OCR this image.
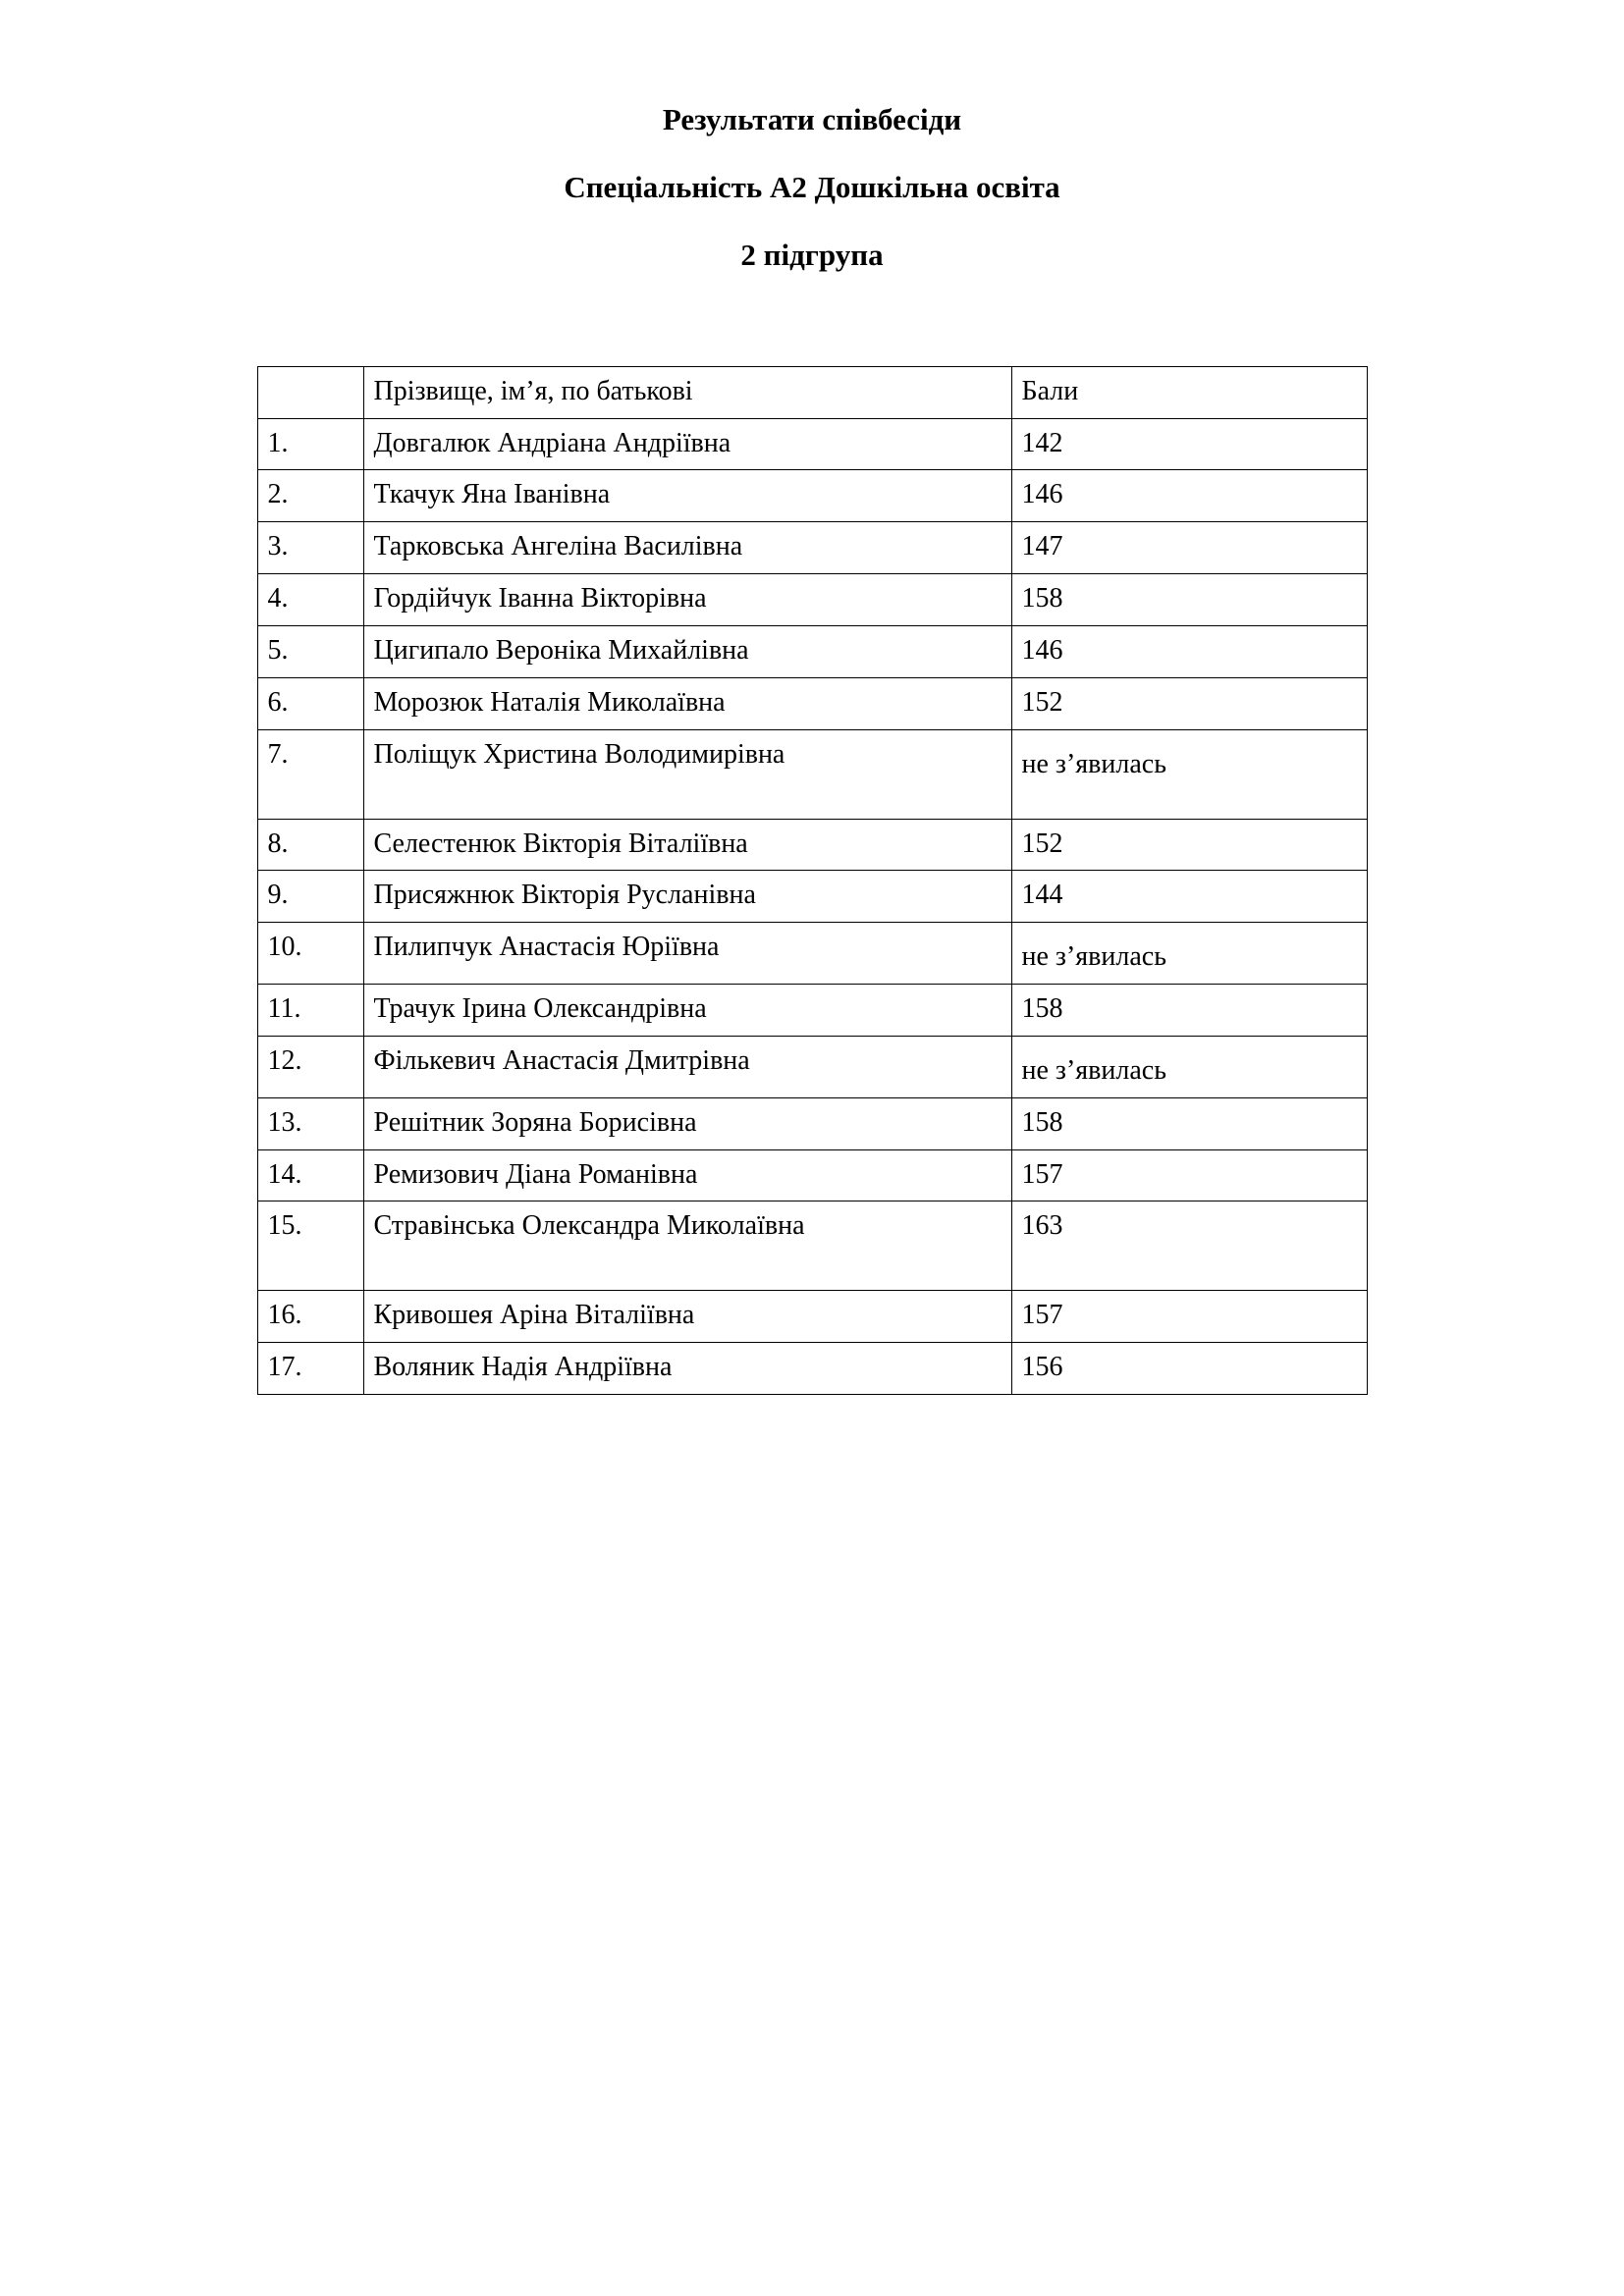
Результати співбесіди
Спеціальність А2 Дошкільна освіта
2 підгрупа
	Прізвище, ім’я, по батькові	Бали
1.	Довгалюк Андріана Андріївна	142
2.	Ткачук Яна Іванівна	146
3.	Тарковська Ангеліна Василівна	147
4.	Гордійчук Іванна Вікторівна	158
5.	Цигипало Вероніка Михайлівна	146
6.	Морозюк Наталія Миколаївна	152
7.	Поліщук Христина Володимирівна	не з’явилась
8.	Селестенюк Вікторія Віталіївна	152
9.	Присяжнюк Вікторія Русланівна	144
10.	Пилипчук Анастасія Юріївна	не з’явилась
11.	Трачук Ірина Олександрівна	158
12.	Фількевич Анастасія Дмитрівна	не з’явилась
13.	Решітник Зоряна Борисівна	158
14.	Ремизович Діана Романівна	157
15.	Стравінська Олександра Миколаївна	163
16.	Кривошея Аріна Віталіївна	157
17.	Воляник Надія Андріївна	156
